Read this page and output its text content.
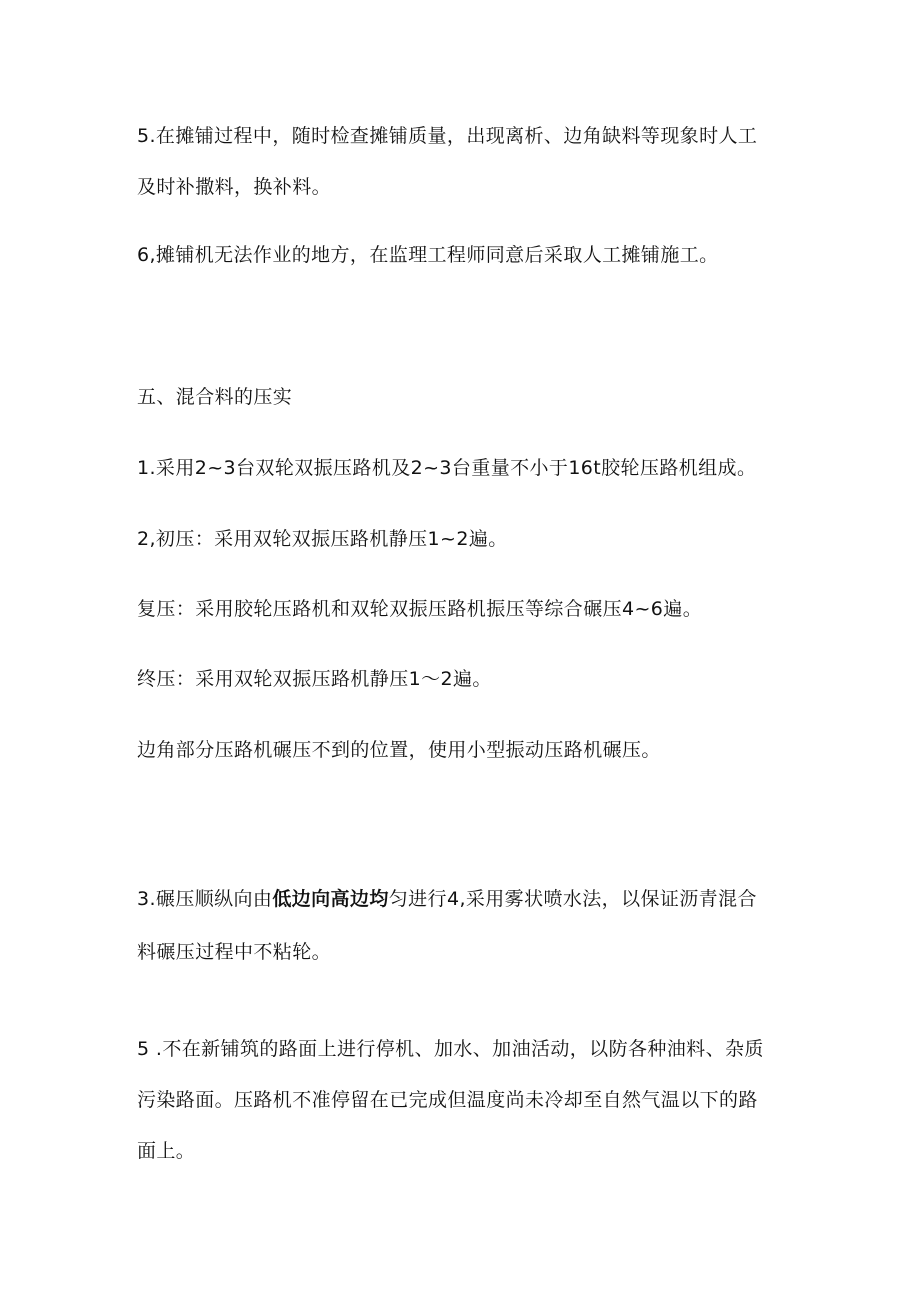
5.在摊铺过程中，随时检查摊铺质量，出现离析、边角缺料等现象时人工
及时补撒料，换补料。
6,摊铺机无法作业的地方，在监理工程师同意后采取人工摊铺施工。
五、混合料的压实
1.采用2~3台双轮双振压路机及2~3台重量不小于16t胶轮压路机组成。
2,初压：采用双轮双振压路机静压1~2遍。
复压：采用胶轮压路机和双轮双振压路机振压等综合碾压4~6遍。
终压：采用双轮双振压路机静压1～2遍。
边角部分压路机碾压不到的位置，使用小型振动压路机碾压。
3.碾压顺纵向由低边向高边均匀进行4,采用雾状喷水法，以保证沥青混合
料碾压过程中不粘轮。
5 .不在新铺筑的路面上进行停机、加水、加油活动，以防各种油料、杂质
污染路面。压路机不准停留在已完成但温度尚未冷却至自然气温以下的路
面上。
